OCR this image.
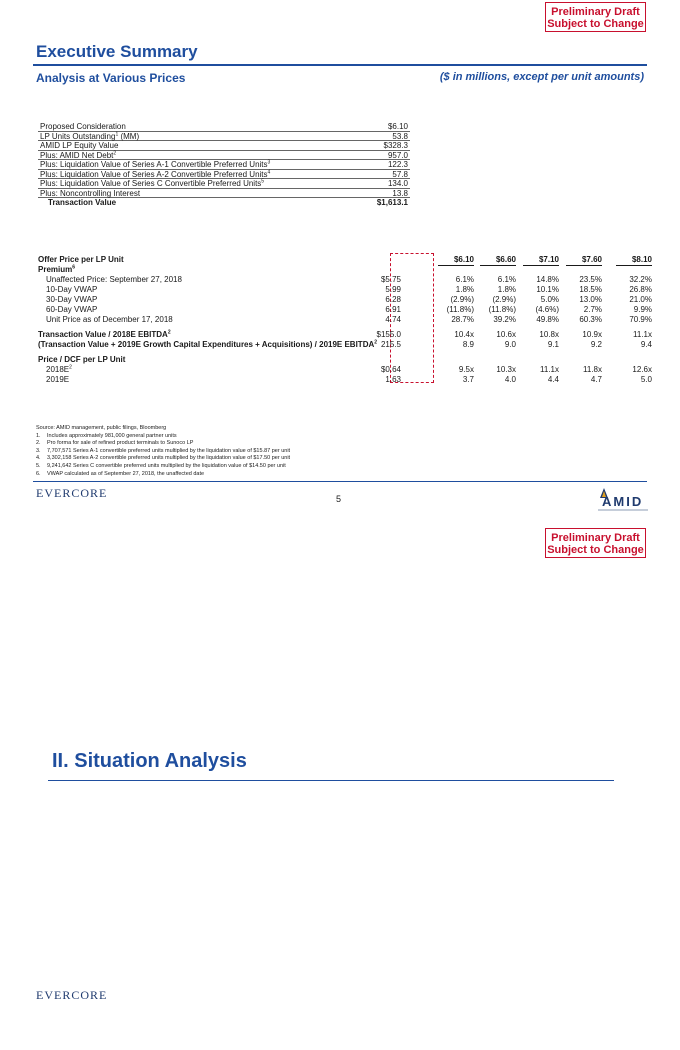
Preliminary Draft
Subject to Change
Preliminary Draft
Subject to Change
Executive Summary
Analysis at Various Prices	($ in millions, except per unit amounts)
Proposed Consideration	$6.10
LP Units Outstanding$^1$ (MM)	53.8
AMID LP Equity Value	$328.3
Plus: AMID Net Debt$^2$	957.0
Plus: Liquidation Value of Series A-1 Convertible Preferred Units$^3$	122.3
Plus: Liquidation Value of Series A-2 Convertible Preferred Units$^4$	57.8
Plus: Liquidation Value of Series C Convertible Preferred Units$^5$	134.0
Plus: Noncontrolling Interest	13.8
Transaction Value	$1,613.1
Offer Price per LP Unit	$6.10	$6.60	$7.10	$7.60	$8.10
Premium$^6$
Unaffected Price: September 27, 2018	$5.75	6.1%	6.1%	14.8%	23.5%	32.2%
10-Day VWAP	5.99	1.8%	1.8%	10.1%	18.5%	26.8%
30-Day VWAP	6.28	(2.9%) (2.9%)	5.0%	13.0%	21.0%
60-Day VWAP	6.91	(11.8%) (11.8%) (4.6%)	2.7%	9.9%
Unit Price as of December 17, 2018	4.74	28.7% 39.2%	49.8%	60.3%	70.9%
Transaction Value / 2018E EBITDA$^2$	$155.0	10.4x	10.6x	10.8x	10.9x	11.1x
(Transaction Value + 2019E Growth Capital Expenditures + Acquisitions) / 2019E EBITDA$^2$ 215.5	8.9	9.0	9.1	9.2	9.4
Price / DCF per LP Unit
$2018E^2$	$0.64	9.5x	10.3x	11.1x	11.8x	12.6x
2019E	1.63	3.7	4.0	4.4	4.7	5.0
Source: AMID management, public filings, Bloomberg
1.	Includes approximately 981,000 general partner units
2.	Pro forma for sale of refined product terminals to Sunoco LP
3.	7,707,571 Series A-1 convertible preferred units multiplied by the liquidation value of $15.87 per unit
4.	3,302,158 Series A-2 convertible preferred units multiplied by the liquidation value of $17.50 per unit
5.	9,241,642 Series C convertible preferred units multiplied by the liquidation value of $14.50 per unit
6.	VWAP calculated as of September 27, 2018, the unaffected date
EVERCORE	5	AMID
II. Situation Analysis
EVERCORE
